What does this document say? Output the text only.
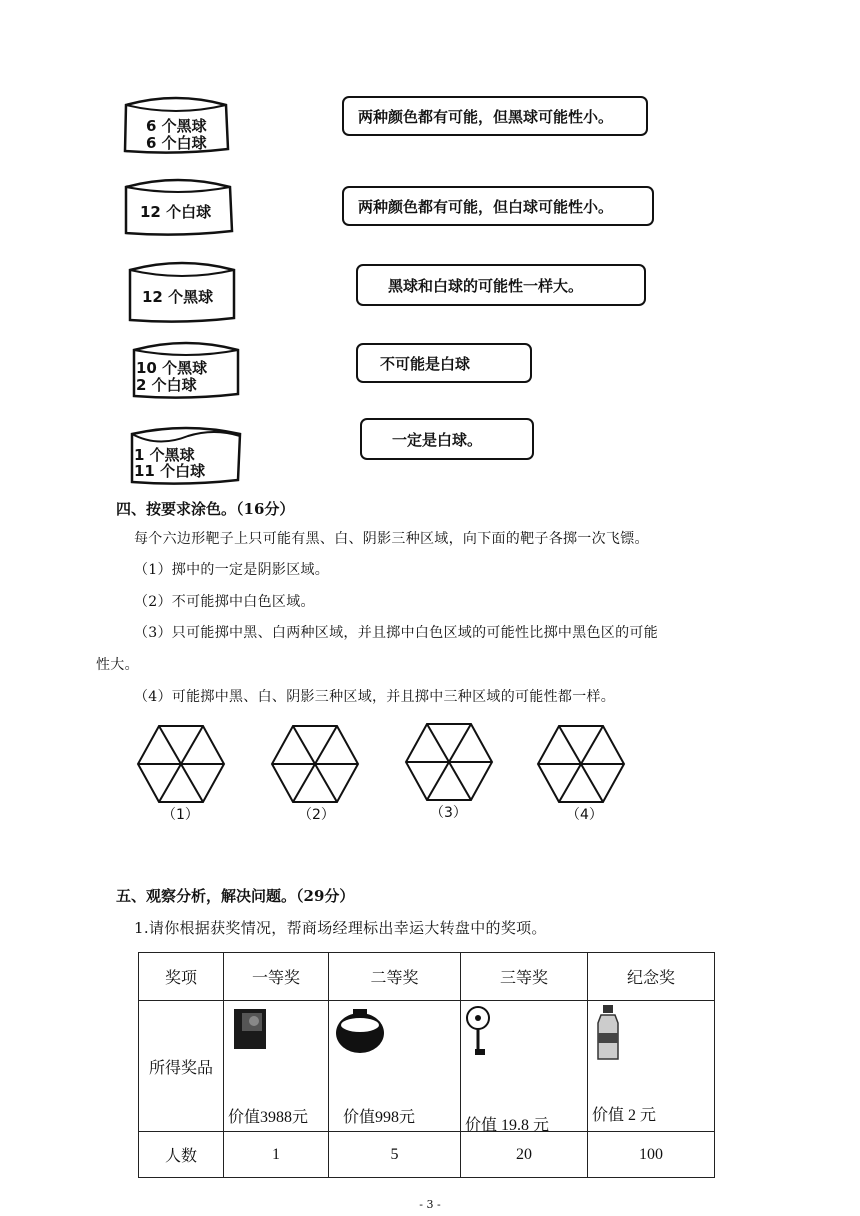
6 个黑球
6 个白球
12 个白球
12 个黑球
10 个黑球
2 个白球
1 个黑球
11 个白球
两种颜色都有可能，但黑球可能性小。
两种颜色都有可能，但白球可能性小。
黑球和白球的可能性一样大。
不可能是白球
一定是白球。
四、按要求涂色。（16分）
每个六边形靶子上只可能有黑、白、阴影三种区域，向下面的靶子各掷一次飞镖。
（1）掷中的一定是阴影区域。
（2）不可能掷中白色区域。
（3）只可能掷中黑、白两种区域，并且掷中白色区域的可能性比掷中黑色区的可能
性大。
（4）可能掷中黑、白、阴影三种区域，并且掷中三种区域的可能性都一样。
（1）	（2）	（3）	（4）
五、观察分析，解决问题。（29分）
1.请你根据获奖情况，帮商场经理标出幸运大转盘中的奖项。
奖项	一等奖	二等奖	三等奖	纪念奖
所得奖品	价值3988元	价值998元	价值 19.8 元	价值 2 元

人数	1	5	20	100
- 3 -
